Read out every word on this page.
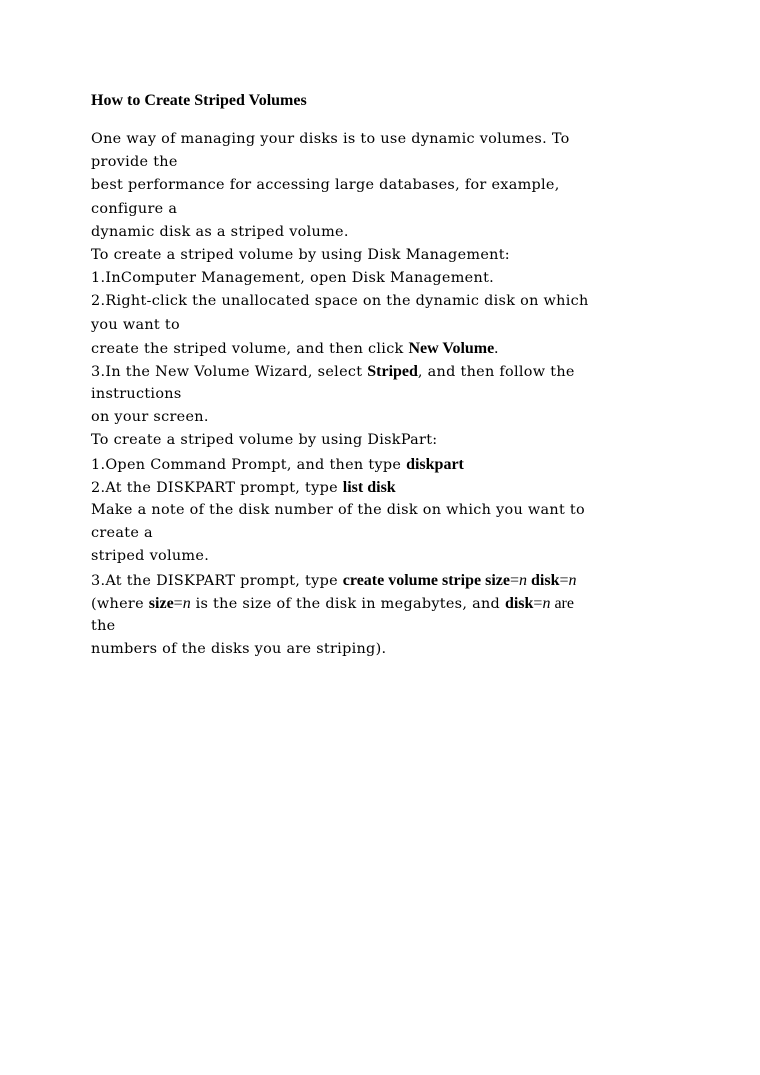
How to Create Striped Volumes
One way of managing your disks is to use dynamic volumes. To
provide the
best performance for accessing large databases, for example,
configure a
dynamic disk as a striped volume.
To create a striped volume by using Disk Management:
1.InComputer Management, open Disk Management.
2.Right-click the unallocated space on the dynamic disk on which
you want to
create the striped volume, and then click New Volume.
3.In the New Volume Wizard, select Striped, and then follow the
instructions
on your screen.
To create a striped volume by using DiskPart:
1.Open Command Prompt, and then type diskpart
2.At the DISKPART prompt, type list disk
Make a note of the disk number of the disk on which you want to
create a
striped volume.
3.At the DISKPART prompt, type create volume stripe size=n disk=n
(where size=n is the size of the disk in megabytes, and disk=n are
the
numbers of the disks you are striping).
